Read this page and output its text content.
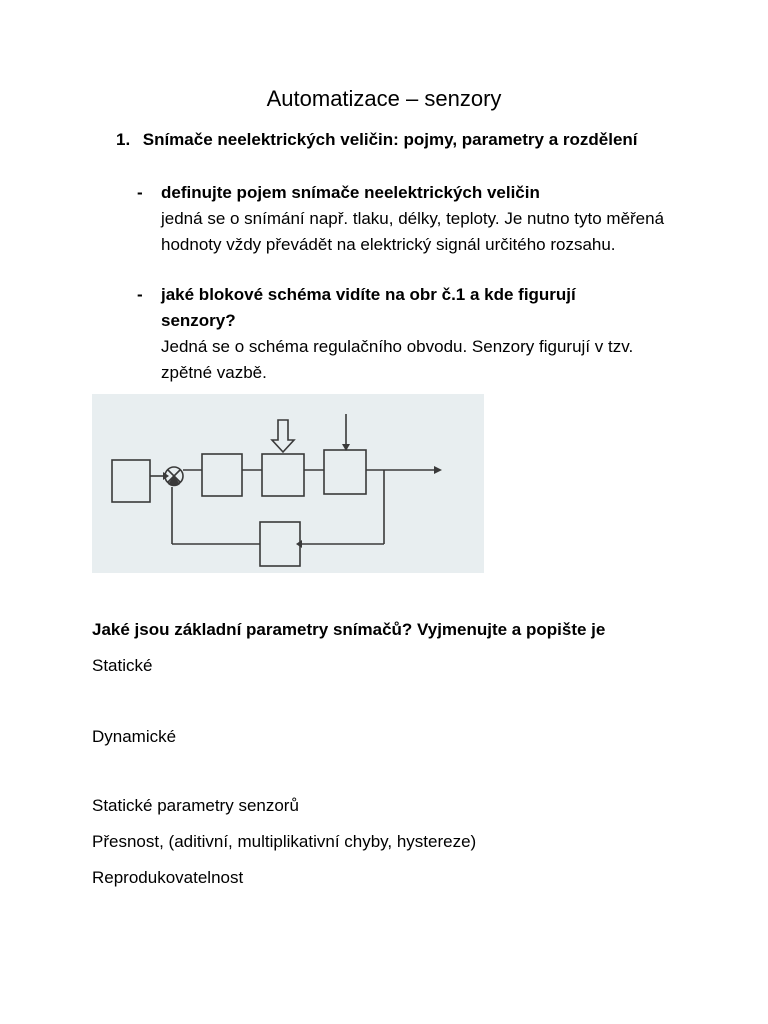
Automatizace – senzory
1. Snímače neelektrických veličin: pojmy, parametry a rozdělení
- definujte pojem snímače neelektrických veličin
jedná se o snímání např. tlaku, délky, teploty. Je nutno tyto měřená hodnoty vždy převádět na elektrický signál určitého rozsahu.
- jaké blokové schéma vidíte na obr č.1 a kde figurují senzory?
Jedná se o schéma regulačního obvodu. Senzory figurují v tzv. zpětné vazbě.
Jaké jsou základní parametry snímačů? Vyjmenujte a popište je
Statické
Dynamické
Statické parametry senzorů
Přesnost, (aditivní, multiplikativní chyby, hystereze)
Reprodukovatelnost
